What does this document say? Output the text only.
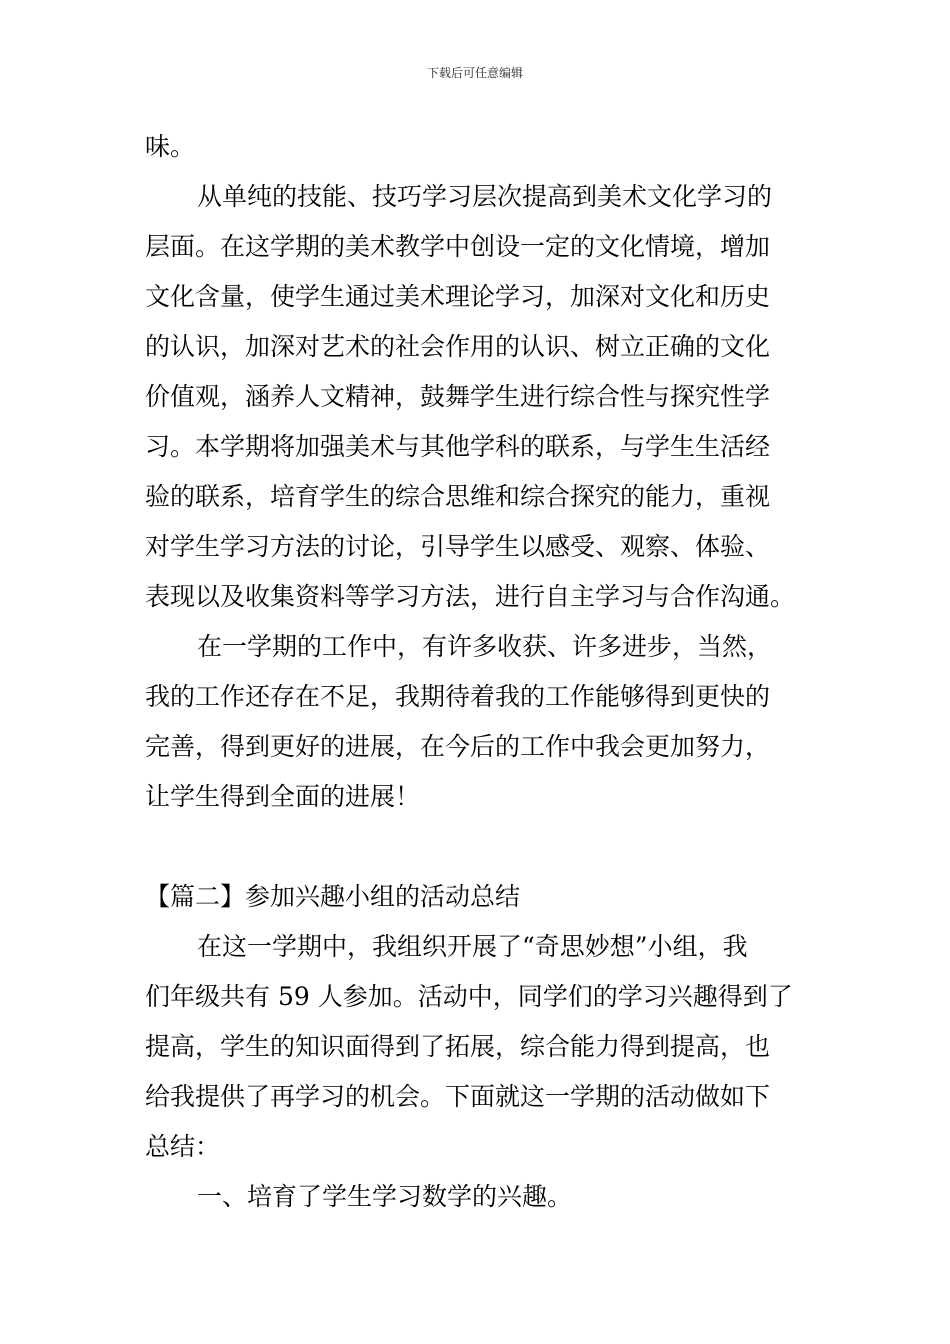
下载后可任意编辑
味。
从单纯的技能、技巧学习层次提高到美术文化学习的
层面。在这学期的美术教学中创设一定的文化情境，增加
文化含量，使学生通过美术理论学习，加深对文化和历史
的认识，加深对艺术的社会作用的认识、树立正确的文化
价值观，涵养人文精神，鼓舞学生进行综合性与探究性学
习。本学期将加强美术与其他学科的联系，与学生生活经
验的联系，培育学生的综合思维和综合探究的能力，重视
对学生学习方法的讨论，引导学生以感受、观察、体验、
表现以及收集资料等学习方法，进行自主学习与合作沟通。
在一学期的工作中，有许多收获、许多进步，当然，
我的工作还存在不足，我期待着我的工作能够得到更快的
完善，得到更好的进展，在今后的工作中我会更加努力，
让学生得到全面的进展！
【篇二】参加兴趣小组的活动总结
在这一学期中，我组织开展了“奇思妙想”小组，我
们年级共有 59 人参加。活动中，同学们的学习兴趣得到了
提高，学生的知识面得到了拓展，综合能力得到提高，也
给我提供了再学习的机会。下面就这一学期的活动做如下
总结：
一、培育了学生学习数学的兴趣。
